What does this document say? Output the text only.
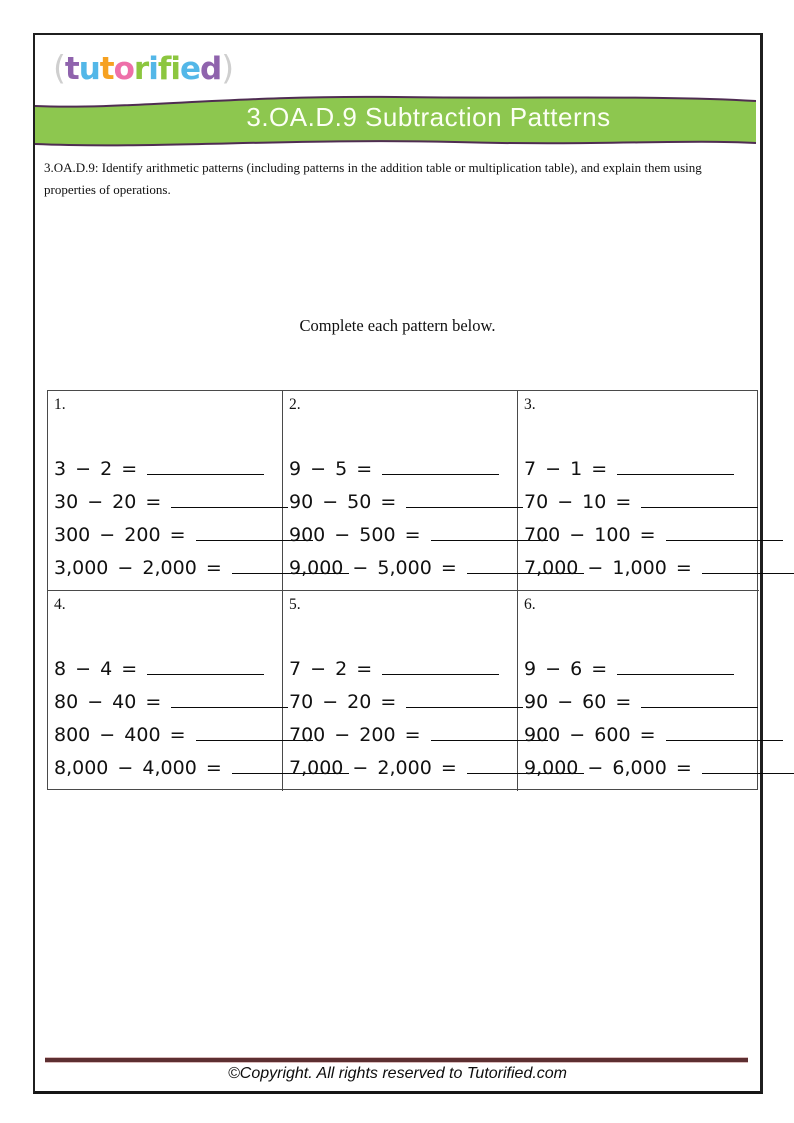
(tutorified)
3.OA.D.9 Subtraction Patterns
3.OA.D.9: Identify arithmetic patterns (including patterns in the addition table or multiplication table), and explain them using properties of operations.
Complete each pattern below.
1.
3 − 2 =
30 − 20 =
300 − 200 =
3,000 − 2,000 =
2.
9 − 5 =
90 − 50 =
900 − 500 =
9,000 − 5,000 =
3.
7 − 1 =
70 − 10 =
700 − 100 =
7,000 − 1,000 =
4.
8 − 4 =
80 − 40 =
800 − 400 =
8,000 − 4,000 =
5.
7 − 2 =
70 − 20 =
700 − 200 =
7,000 − 2,000 =
6.
9 − 6 =
90 − 60 =
900 − 600 =
9,000 − 6,000 =
©Copyright. All rights reserved to Tutorified.com
